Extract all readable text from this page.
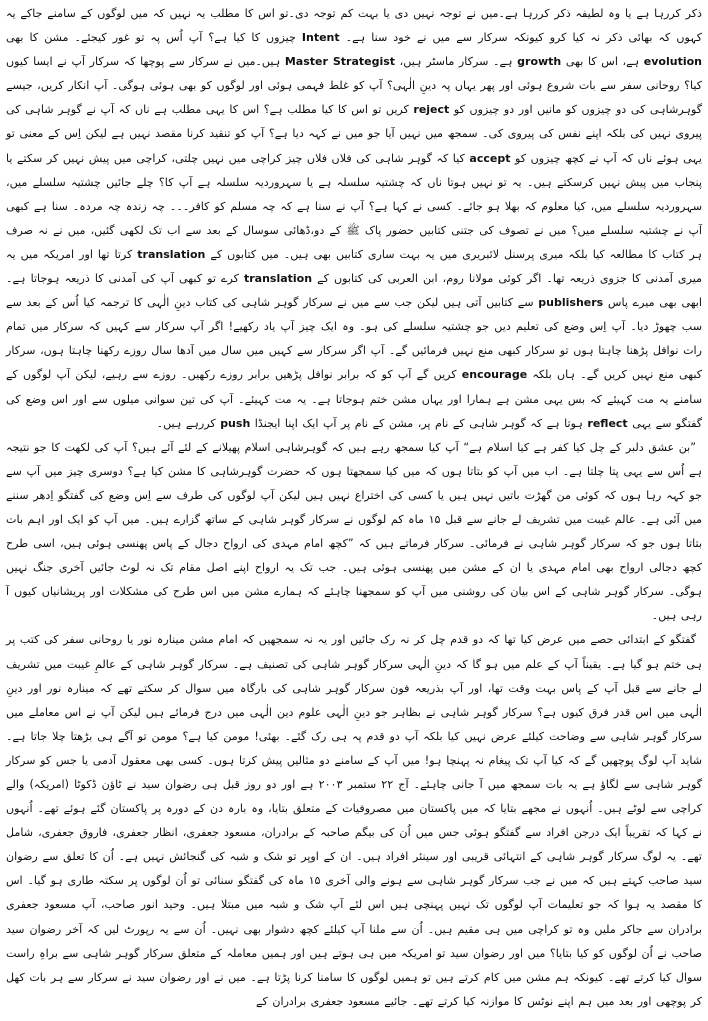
ذکر کررہا ہے یا وہ لطیفہ ذکر کررہا ہے۔میں نے توجہ نہیں دی یا بہت کم توجہ دی۔تو اس کا مطلب یہ نہیں کہ میں لوگوں کے سامنے جاکے یہ کہوں کہ بھائی ذکر نہ کیا کرو کیونکہ سرکار سے میں نے خود سنا ہے۔ Intent چیزوں کا کیا ہے؟ آپ اُس پہ تو غور کیجئے۔ مشن کا بھی evolution ہے، اس کا بھی growth ہے۔ سرکار ماسٹر ہیں، Master Strategist ہیں۔میں نے سرکار سے پوچھا کہ سرکار آپ نے ایسا کیوں کیا؟ روحانی سفر سے بات شروع ہوئی اور پھر یہاں پہ دینِ الٰہی؟ آپ کو غلط فہمی ہوئی اور لوگوں کو بھی ہوئی ہوگی۔ آپ انکار کریں، جیسے گوہرشاہی کی دو چیزوں کو مانیں اور دو چیزوں کو reject کریں تو اس کا کیا مطلب ہے؟ اس کا یہی مطلب ہے ناں کہ آپ نے گوہر شاہی کی پیروی نہیں کی بلکہ اپنے نفس کی پیروی کی۔ سمجھ میں نہیں آیا جو میں نے کہہ دیا ہے؟ آپ کو تنقید کرنا مقصد نہیں ہے لیکن اِس کے معنی تو یہی ہوئے ناں کہ آپ نے کچھ چیزوں کو accept کیا کہ گوہر شاہی کی فلاں فلاں چیز کراچی میں نہیں چلتی، کراچی میں پیش نہیں کر سکتے یا پنجاب میں پیش نہیں کرسکتے ہیں۔ یہ تو نہیں ہوتا ناں کہ چشتیہ سلسلہ ہے یا سہروردیہ سلسلہ ہے آپ کا؟ چلے جائیں چشتیہ سلسلے میں، سہروردیہ سلسلے میں، کیا معلوم کہ بھلا ہو جائے۔ کسی نے کہا ہے؟ آپ نے سنا ہے کہ چہ مسلم کو کافر۔۔۔ چہ زندہ چہ مردہ۔ سنا ہے کبھی آپ نے چشتیہ سلسلے میں؟ میں نے تصوف کی جتنی کتابیں حضور پاک ﷺ کے دو،ڈھائی سوسال کے بعد سے اب تک لکھی گئیں، میں نے نہ صرف ہر کتاب کا مطالعہ کیا بلکہ میری پرسنل لائبریری میں یہ بہت ساری کتابیں بھی ہیں۔ میں کتابوں کے translation کرتا تھا اور امریکہ میں یہ میری آمدنی کا جزوی ذریعہ تھا۔ اگر کوئی مولانا روم، ابن العربی کی کتابوں کے translation کرے تو کبھی آپ کی آمدنی کا ذریعہ ہوجاتا ہے۔ ابھی بھی میرے پاس publishers سے کتابیں آتی ہیں لیکن جب سے میں نے سرکار گوہر شاہی کی کتاب دینِ الٰہی کا ترجمہ کیا اُس کے بعد سے سب چھوڑ دیا۔ آپ اِس وضع کی تعلیم دیں جو چشتیہ سلسلے کی ہو۔ وہ ایک چیز آپ یاد رکھیے! اگر آپ سرکار سے کہیں کہ سرکار میں تمام رات نوافل پڑھنا چاہتا ہوں تو سرکار کبھی منع نہیں فرمائیں گے۔ آپ اگر سرکار سے کہیں میں سال میں آدھا سال روزے رکھنا چاہتا ہوں، سرکار کبھی منع نہیں کریں گے۔ ہاں بلکہ encourage کریں گے آپ کو کہ برابر نوافل پڑھیں برابر روزے رکھیں۔ روزے سے رہیے، لیکن آپ لوگوں کے سامنے یہ مت کہیئے کہ بس یہی مشن ہے ہمارا اور یہاں مشن ختم ہوجاتا ہے۔ یہ مت کہیئے۔ آپ کی تین سوانی میلوں سے اور اس وضع کی گفتگو سے یہی reflect ہوتا ہے کہ گوہر شاہی کے نام پر، مشن کے نام پر آپ ایک اپنا ایجنڈا push کررہے ہیں۔

”بن عشق دلبر کے چل کیا کفر ہے کیا اسلام ہے“ آپ کیا سمجھ رہے ہیں کہ گوہرشاہی اسلام پھیلانے کے لئے آئے ہیں؟ آپ کی لکھت کا جو نتیجہ ہے اُس سے یہی پتا چلتا ہے۔ اب میں آپ کو بتاتا ہوں کہ میں کیا سمجھتا ہوں کہ حضرت گوہرشاہی کا مشن کیا ہے؟ دوسری چیز میں آپ سے جو کہہ رہا ہوں کہ کوئی من گھڑت باتیں نہیں ہیں یا کسی کی اختراع نہیں ہیں لیکن آپ لوگوں کی طرف سے اِس وضع کی گفتگو اِدھر سننے میں آئی ہے۔ عالم غیبت میں تشریف لے جانے سے قبل ۱۵ ماہ کم لوگوں نے سرکار گوہر شاہی کے ساتھ گزارے ہیں۔ میں آپ کو ایک اور اہم بات بتاتا ہوں جو کہ سرکار گوہر شاہی نے فرمائی۔ سرکار فرماتے ہیں کہ ”کچھ امام مہدی کی ارواح دجال کے پاس پھنسی ہوئی ہیں، اسی طرح کچھ دجالی ارواح بھی امام مہدی یا ان کے مشن میں پھنسی ہوئی ہیں۔ جب تک یہ ارواح اپنے اصل مقام تک نہ لوٹ جائیں آخری جنگ نہیں ہوگی۔ سرکار گوہر شاہی کے اس بیان کی روشنی میں آپ کو سمجھنا چاہئے کہ ہمارے مشن میں اس طرح کی مشکلات اور پریشانیاں کیوں آ رہی ہیں۔

گفتگو کے ابتدائی حصے میں عرض کیا تھا کہ دو قدم چل کر نہ رک جائیں اور یہ نہ سمجھیں کہ امام مشن مینارہ نور یا روحانی سفر کی کتب پر ہی ختم ہو گیا ہے۔ یقیناً آپ کے علم میں ہو گا کہ دینِ الٰہی سرکار گوہر شاہی کی تصنیف ہے۔ سرکار گوہر شاہی کے عالمِ غیبت میں تشریف لے جانے سے قبل آپ کے پاس بہت وقت تھا، اور آپ بذریعہ فون سرکار گوہر شاہی کی بارگاہ میں سوال کر سکتے تھے کہ مینارہ نور اور دینِ الٰہی میں اس قدر فرق کیوں ہے؟ سرکار گوہر شاہی نے بظاہر جو دینِ الٰہی علوم دین الٰہی میں درج فرمائے ہیں لیکن آپ نے اس معاملے میں سرکار گوہر شاہی سے وضاحت کیلئے عرض نہیں کیا بلکہ آپ دو قدم پہ ہی رک گئے۔ بھئی! مومن کیا ہے؟ مومن تو آگے ہی بڑھتا چلا جاتا ہے۔ شاید آپ لوگ پوچھیں گے کہ کیا آپ تک پیغام نہ پہنچا ہو! میں آپ کے سامنے دو مثالیں پیش کرتا ہوں۔ کسی بھی معقول آدمی یا جس کو سرکار گوہر شاہی سے لگاؤ ہے یہ بات سمجھ میں آ جانی چاہئے۔ آج ۲۲ ستمبر ۲۰۰۳ ہے اور دو روز قبل ہی رضوان سید نے ٹاؤن ڈکوٹا (امریکہ) والے کراچی سے لوٹے ہیں۔ اُنہوں نے مجھے بتایا کہ میں پاکستان میں مصروفیات کے متعلق بتایا، وہ بارہ دن کے دورہ پر پاکستان گئے ہوئے تھے۔ اُنہوں نے کہا کہ تقریباً ایک درجن افراد سے گفتگو ہوئی جس میں اُن کی بیگم صاحبہ کے برادران، مسعود جعفری، انظار جعفری، فاروق جعفری، شامل تھے۔ یہ لوگ سرکار گوہر شاہی کے انتہائی قریبی اور سینئر افراد ہیں۔ ان کے اوپر تو شک و شبہ کی گنجائش نہیں ہے۔ اُن کا تعلق سے رضوان سید صاحب کہتے ہیں کہ میں نے جب سرکار گوہر شاہی سے ہونے والی آخری ۱۵ ماہ کی گفتگو سنائی تو اُن لوگوں پر سکتہ طاری ہو گیا۔ اس کا مقصد یہ ہوا کہ جو تعلیمات آپ لوگوں تک نہیں پہنچی ہیں اس لئے آپ شک و شبہ میں مبتلا ہیں۔ وحید انور صاحب، آپ مسعود جعفری برادران سے جاکر ملیں وہ تو کراچی میں ہی مقیم ہیں۔ اُن سے ملنا آپ کیلئے کچھ دشوار بھی نہیں۔ اُن سے یہ رپورٹ لیں کہ آخر رضوان سید صاحب نے اُن لوگوں کو کیا بتایا؟ میں اور رضوان سید تو امریکہ میں ہی ہوتے ہیں اور ہمیں معاملہ کے متعلق سرکار گوہر شاہی سے براہِ راست سوال کیا کرتے تھے۔ کیونکہ ہم مشن میں کام کرتے ہیں تو ہمیں لوگوں کا سامنا کرنا پڑتا ہے۔ میں نے اور رضوان سید نے سرکار سے ہر بات کھل کر پوچھی اور بعد میں ہم اپنے نوٹس کا موازنہ کیا کرتے تھے۔ جائیے مسعود جعفری برادران کے
